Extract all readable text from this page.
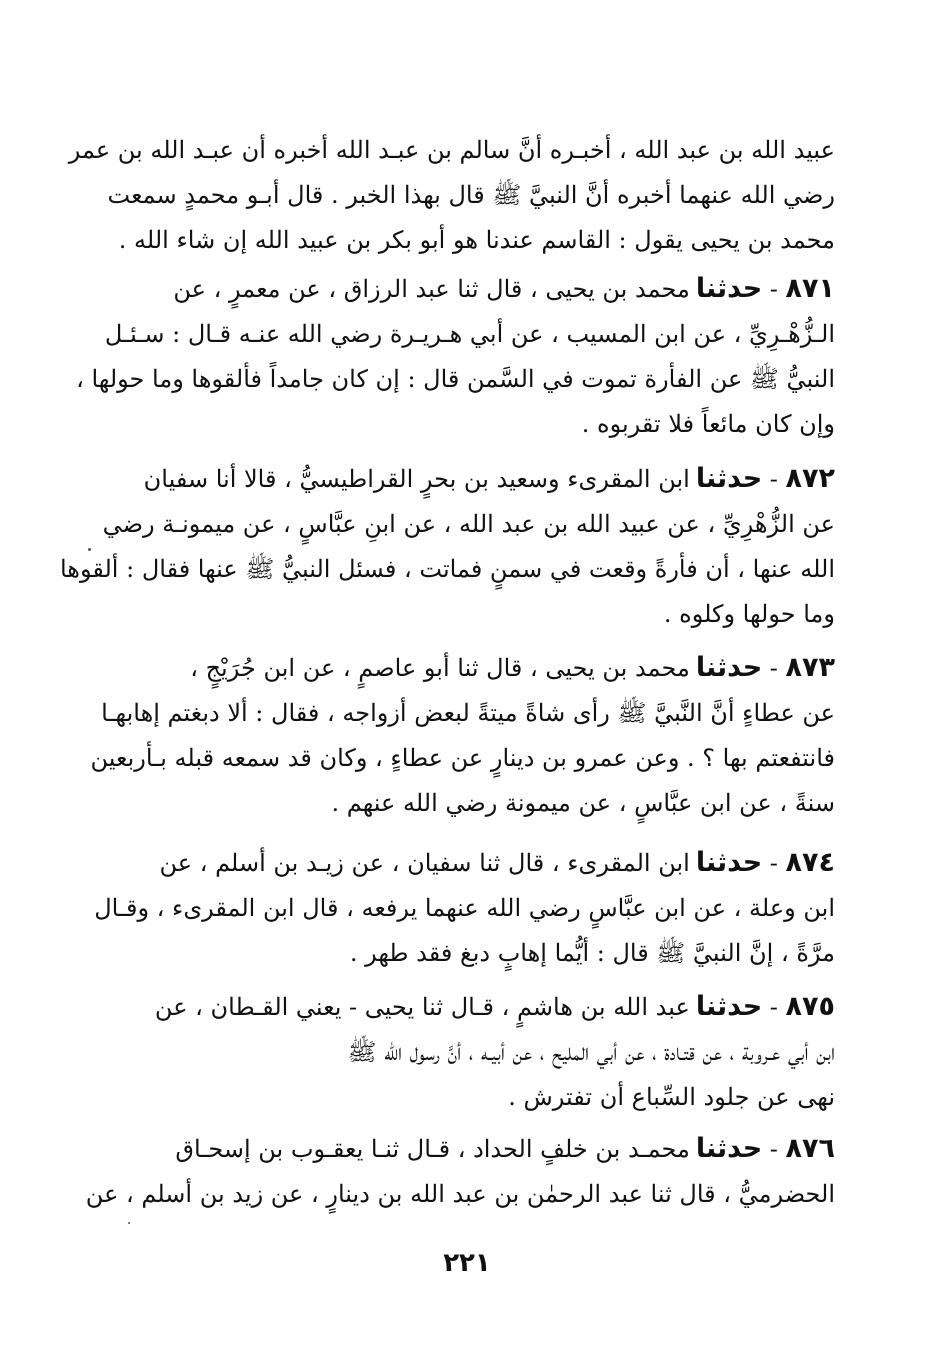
عبيد الله بن عبد الله ، أخبـره أنَّ سالم بن عبـد الله أخبره أن عبـد الله بن عمر
رضي الله عنهما أخبره أنَّ النبيَّ ﷺ قال بهذا الخبر . قال أبـو محمدٍ سمعت
محمد بن يحيى يقول : القاسم عندنا هو أبو بكر بن عبيد الله إن شاء الله .
٨٧١ - حدثنامحمد بن يحيى ، قال ثنا عبد الرزاق ، عن معمرٍ ، عن
الـزُّهْـرِيِّ ، عن ابن المسيب ، عن أبي هـريـرة رضي الله عنـه قـال : سـئـل
النبيُّ ﷺ عن الفأرة تموت في السَّمن قال : إن كان جامداً فألقوها وما حولها ،
وإن كان مائعاً فلا تقربوه .
٨٧٢ - حدثناابن المقرىء وسعيد بن بحرٍ القراطيسيُّ ، قالا أنا سفيان
عن الزُّهْرِيِّ ، عن عبيد الله بن عبد الله ، عن ابنِ عبَّاسٍ ، عن ميمونـة رضي
الله عنها ، أن فأرةً وقعت في سمنٍ فماتت ، فسئل النبيُّ ﷺ عنها فقال : ألقوها
وما حولها وكلوه .
٨٧٣ - حدثنامحمد بن يحيى ، قال ثنا أبو عاصمٍ ، عن ابن جُرَيْجٍ ،
عن عطاءٍ أنَّ النَّبيَّ ﷺ رأى شاةً ميتةً لبعض أزواجه ، فقال : ألا دبغتم إهابهـا
فانتفعتم بها ؟ . وعن عمرو بن دينارٍ عن عطاءٍ ، وكان قد سمعه قبله بـأربعين
سنةً ، عن ابن عبَّاسٍ ، عن ميمونة رضي الله عنهم .
٨٧٤ - حدثناابن المقرىء ، قال ثنا سفيان ، عن زيـد بن أسلم ، عن
ابن وعلة ، عن ابن عبَّاسٍ رضي الله عنهما يرفعه ، قال ابن المقرىء ، وقـال
مرَّةً ، إنَّ النبيَّ ﷺ قال : أيُّما إهابٍ دبغ فقد طهر .
٨٧٥ - حدثناعبد الله بن هاشمٍ ، قـال ثنا يحيى - يعني القـطان ، عن
ابن أبي عـروبة ، عن قتـادة ، عن أبي المليح ، عن أبيـه ، أنَّ رسول الله ﷺ
نهى عن جلود السِّباع أن تفترش .
٨٧٦ - حدثنامحمـد بن خلفٍ الحداد ، قـال ثنـا يعقـوب بن إسحـاق
الحضرميُّ ، قال ثنا عبد الرحمٰن بن عبد الله بن دينارٍ ، عن زيد بن أسلم ، عن
٢٢١
